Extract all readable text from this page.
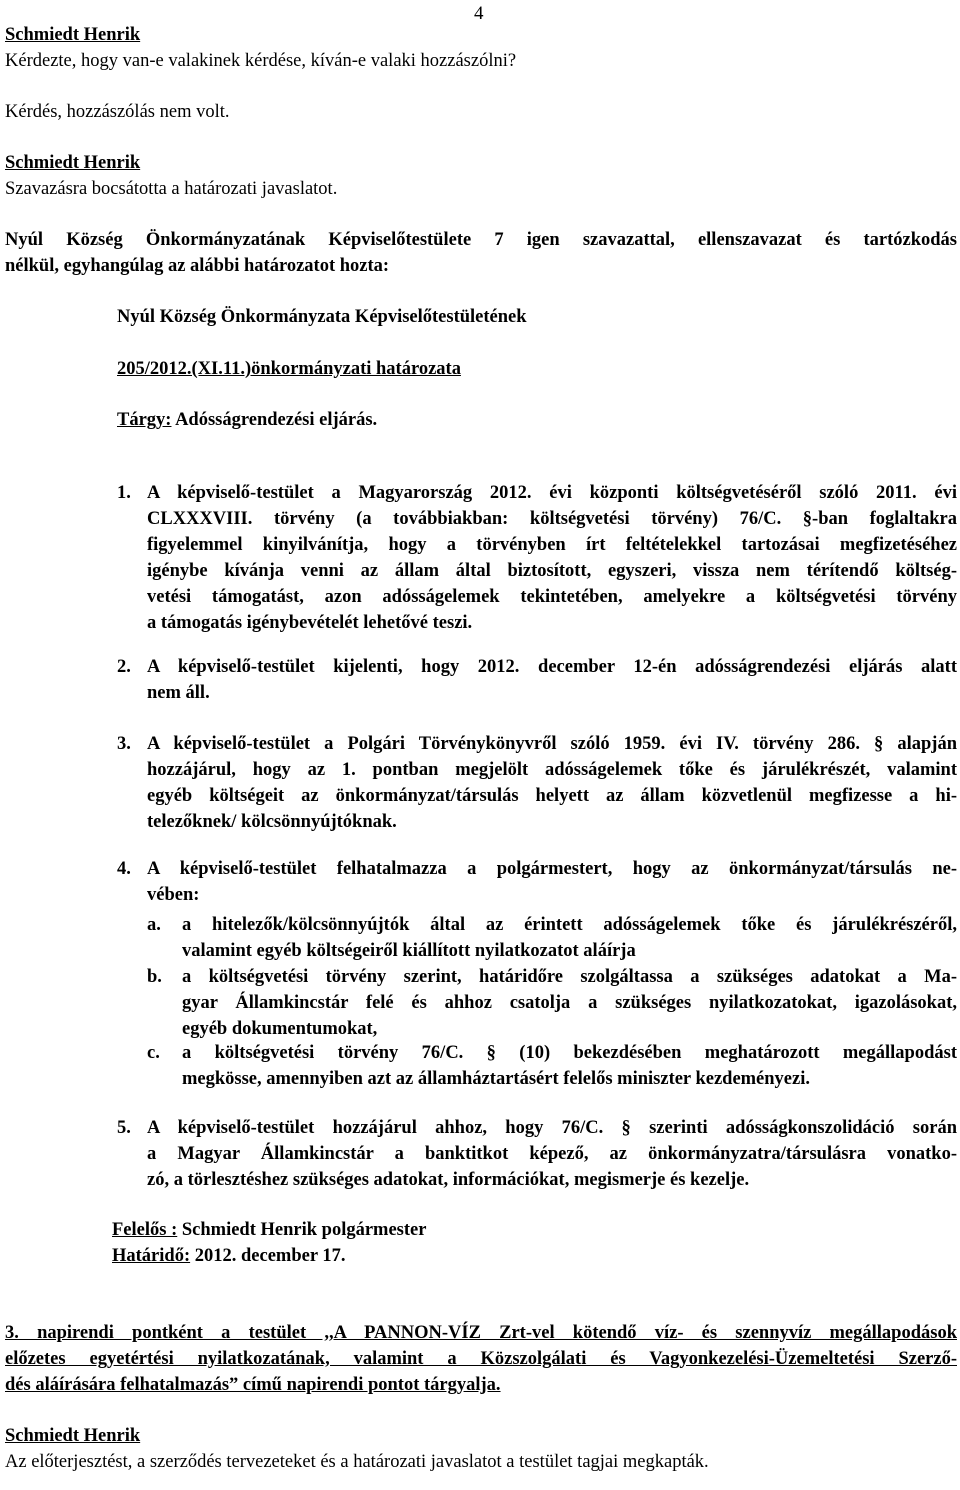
4
Schmiedt Henrik
Kérdezte, hogy van-e valakinek kérdése, kíván-e valaki hozzászólni?
Kérdés, hozzászólás nem volt.
Schmiedt Henrik
Szavazásra bocsátotta a határozati javaslatot.
Nyúl Község Önkormányzatának Képviselőtestülete 7 igen szavazattal, ellenszavazat és tartózkodás
nélkül, egyhangúlag az alábbi határozatot hozta:
Nyúl Község Önkormányzata Képviselőtestületének
205/2012.(XI.11.)önkormányzati határozata
Tárgy: Adósságrendezési eljárás.
1. A képviselő-testület a Magyarország 2012. évi központi költségvetéséről szóló 2011. évi
CLXXXVIII. törvény (a továbbiakban: költségvetési törvény) 76/C. §-ban foglaltakra
figyelemmel kinyilvánítja, hogy a törvényben írt feltételekkel tartozásai megfizetéséhez
igénybe kívánja venni az állam által biztosított, egyszeri, vissza nem térítendő költség-
vetési támogatást, azon adósságelemek tekintetében, amelyekre a költségvetési törvény
a támogatás igénybevételét lehetővé teszi.
2. A képviselő-testület kijelenti, hogy 2012. december 12-én adósságrendezési eljárás alatt
nem áll.
3. A képviselő-testület a Polgári Törvénykönyvről szóló 1959. évi IV. törvény 286. § alapján
hozzájárul, hogy az 1. pontban megjelölt adósságelemek tőke és járulékrészét, valamint
egyéb költségeit az önkormányzat/társulás helyett az állam közvetlenül megfizesse a hi-
telezőknek/ kölcsönnyújtóknak.
4. A képviselő-testület felhatalmazza a polgármestert, hogy az önkormányzat/társulás ne-
vében:
a. a hitelezők/kölcsönnyújtók által az érintett adósságelemek tőke és járulékrészéről,
valamint egyéb költségeiről kiállított nyilatkozatot aláírja
b. a költségvetési törvény szerint, határidőre szolgáltassa a szükséges adatokat a Ma-
gyar Államkincstár felé és ahhoz csatolja a szükséges nyilatkozatokat, igazolásokat,
egyéb dokumentumokat,
c. a költségvetési törvény 76/C. § (10) bekezdésében meghatározott megállapodást
megkösse, amennyiben azt az államháztartásért felelős miniszter kezdeményezi.
5. A képviselő-testület hozzájárul ahhoz, hogy 76/C. § szerinti adósságkonszolidáció során
a Magyar Államkincstár a banktitkot képező, az önkormányzatra/társulásra vonatko-
zó, a törlesztéshez szükséges adatokat, információkat, megismerje és kezelje.
Felelős : Schmiedt Henrik polgármester
Határidő: 2012. december 17.
3. napirendi pontként a testület ,,A PANNON-VÍZ Zrt-vel kötendő víz- és szennyvíz megállapodások
előzetes egyetértési nyilatkozatának, valamint a Közszolgálati és Vagyonkezelési-Üzemeltetési Szerző-
dés aláírására felhatalmazás” című napirendi pontot tárgyalja.
Schmiedt Henrik
Az előterjesztést, a szerződés tervezeteket és a határozati javaslatot a testület tagjai megkapták.
